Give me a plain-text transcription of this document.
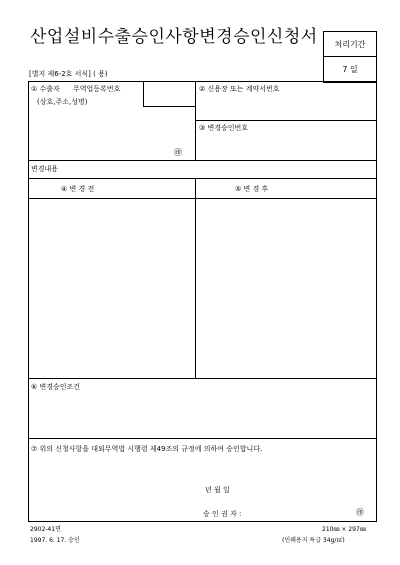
산업설비수출승인사항변경승인신청서	처리기간
7 일
[별지 제6-2호 서식] ( 용)
① 수출자 무역업등록번호
(상호,주소,성명)
㊞
② 신용장 또는 계약서번호
③ 변경승인번호
변경내용
④ 변 경 전	⑤ 변 경 후
⑥ 변경승인조건
⑦ 위의 신청사항을 대외무역법 시행령 제49조의 규정에 의하여 승인합니다.
년 월 일
승 인 권 자 :	㊞
2902-41면
1997. 6. 17. 승인
210㎜ × 297㎜
(인쇄용지 특급 34g/㎡)
